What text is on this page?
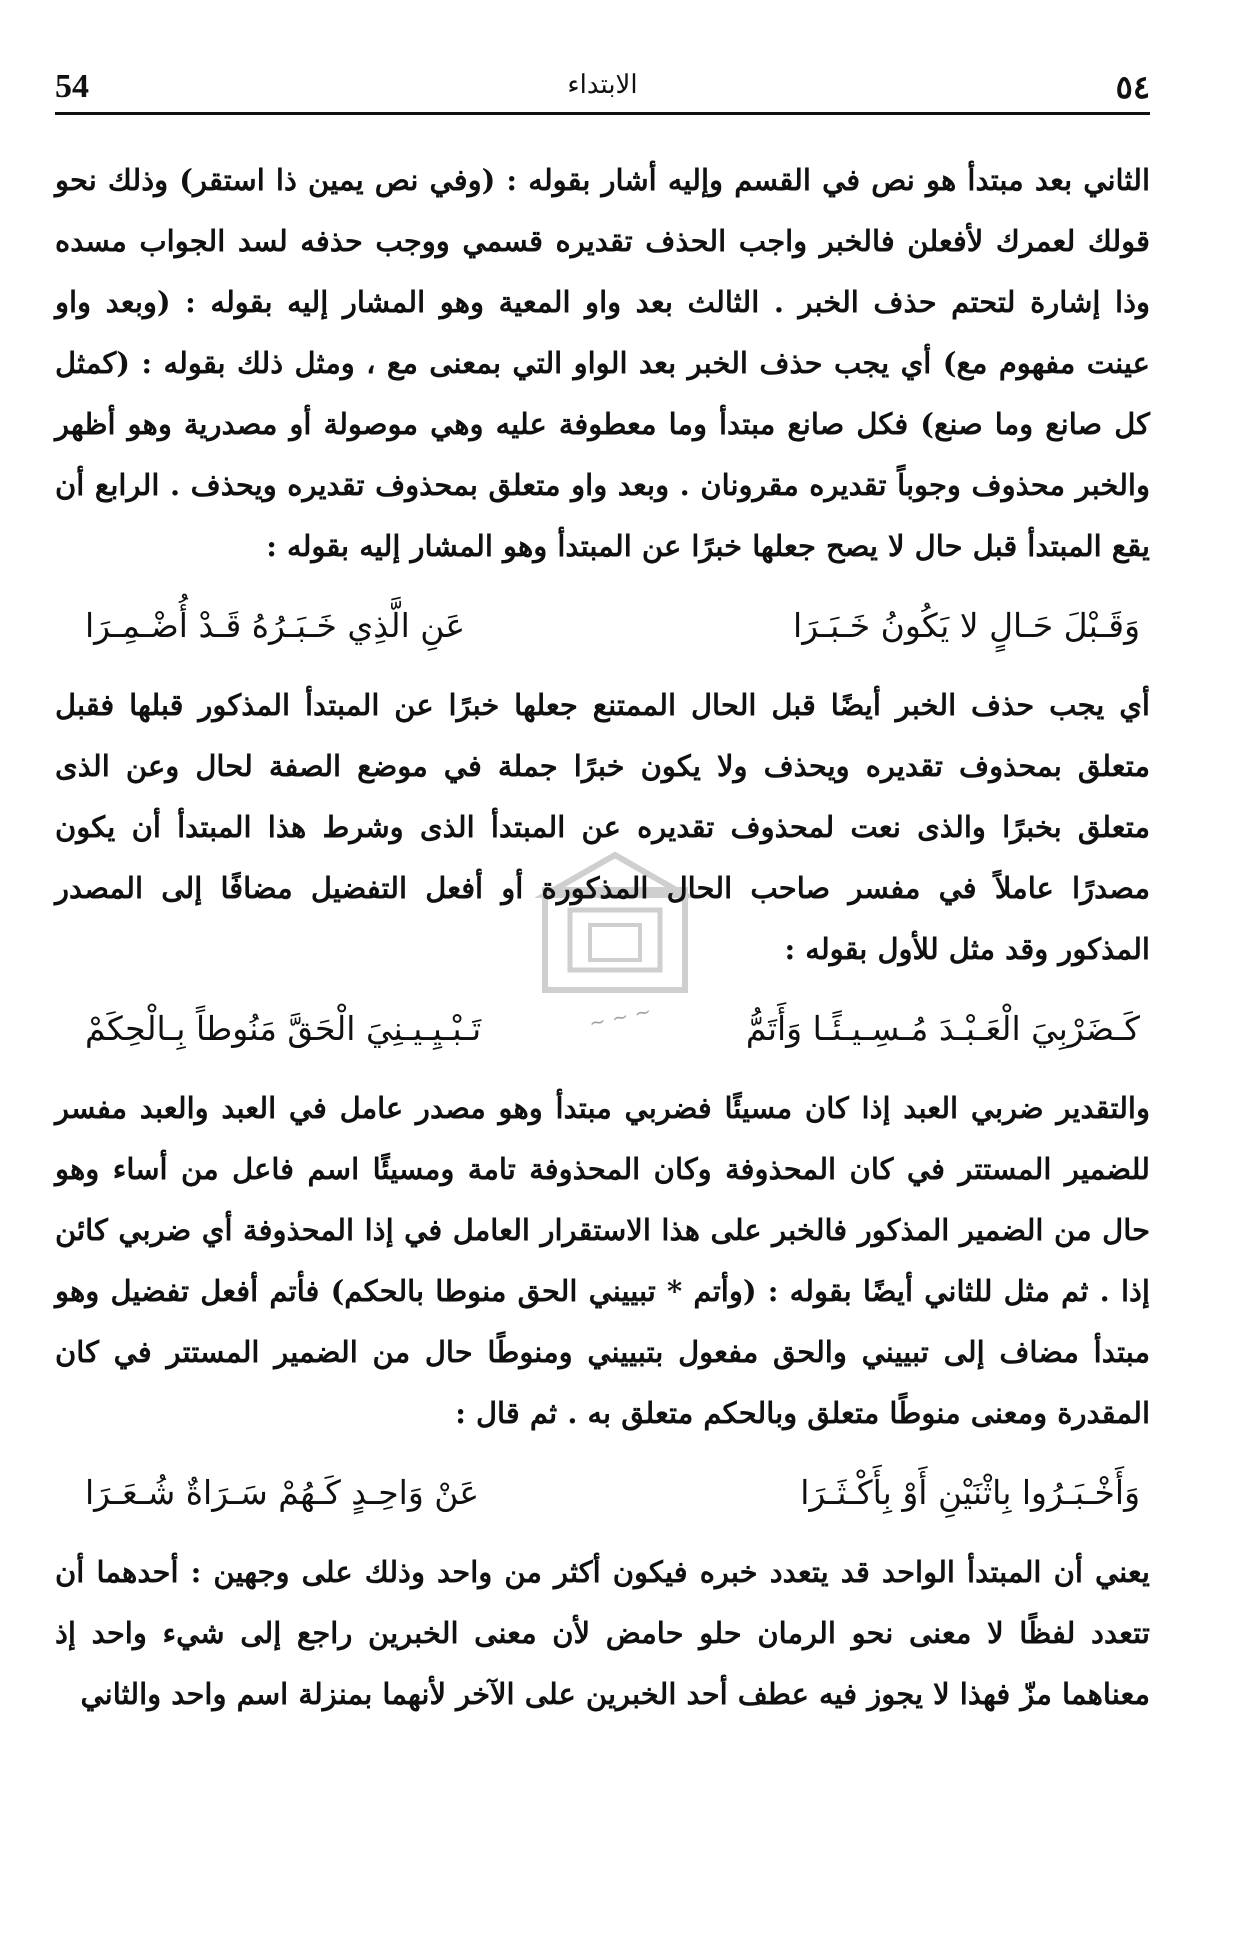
54	الابتداء	٥٤
~ ~ ~

الثاني بعد مبتدأ هو نص في القسم وإليه أشار بقوله : (وفي نص يمين ذا استقر) وذلك نحو قولك لعمرك لأفعلن فالخبر واجب الحذف تقديره قسمي ووجب حذفه لسد الجواب مسده وذا إشارة لتحتم حذف الخبر . الثالث بعد واو المعية وهو المشار إليه بقوله : (وبعد واو عينت مفهوم مع) أي يجب حذف الخبر بعد الواو التي بمعنى مع ، ومثل ذلك بقوله : (كمثل كل صانع وما صنع) فكل صانع مبتدأ وما معطوفة عليه وهي موصولة أو مصدرية وهو أظهر والخبر محذوف وجوباً تقديره مقرونان . وبعد واو متعلق بمحذوف تقديره ويحذف . الرابع أن يقع المبتدأ قبل حال لا يصح جعلها خبرًا عن المبتدأ وهو المشار إليه بقوله :

وَقَـبْلَ حَـالٍ لا يَكُونُ خَـبَـرَا
عَنِ الَّذِي خَـبَـرُهُ قَـدْ أُضْـمِـرَا

أي يجب حذف الخبر أيضًا قبل الحال الممتنع جعلها خبرًا عن المبتدأ المذكور قبلها فقبل متعلق بمحذوف تقديره ويحذف ولا يكون خبرًا جملة في موضع الصفة لحال وعن الذى متعلق بخبرًا والذى نعت لمحذوف تقديره عن المبتدأ الذى وشرط هذا المبتدأ أن يكون مصدرًا عاملاً في مفسر صاحب الحال المذكورة أو أفعل التفضيل مضافًا إلى المصدر المذكور وقد مثل للأول بقوله :

كَـضَرْبِيَ الْعَـبْـدَ مُـسِـيـئًـا وَأَتَمُّ
تَـبْـيِـيـنِيَ الْحَقَّ مَنُوطاً بِـالْحِكَمْ

والتقدير ضربي العبد إذا كان مسيئًا فضربي مبتدأ وهو مصدر عامل في العبد والعبد مفسر للضمير المستتر في كان المحذوفة وكان المحذوفة تامة ومسيئًا اسم فاعل من أساء وهو حال من الضمير المذكور فالخبر على هذا الاستقرار العامل في إذا المحذوفة أي ضربي كائن إذا . ثم مثل للثاني أيضًا بقوله : (وأتم * تبييني الحق منوطا بالحكم) فأتم أفعل تفضيل وهو مبتدأ مضاف إلى تبييني والحق مفعول بتبييني ومنوطًا حال من الضمير المستتر في كان المقدرة ومعنى منوطًا متعلق وبالحكم متعلق به . ثم قال :

وَأَخْـبَـرُوا بِاثْنَيْنِ أَوْ بِأَكْـثَـرَا
عَنْ وَاحِـدٍ كَـهُمْ سَـرَاةٌ شُـعَـرَا

يعني أن المبتدأ الواحد قد يتعدد خبره فيكون أكثر من واحد وذلك على وجهين : أحدهما أن تتعدد لفظًا لا معنى نحو الرمان حلو حامض لأن معنى الخبرين راجع إلى شيء واحد إذ معناهما مزّ فهذا لا يجوز فيه عطف أحد الخبرين على الآخر لأنهما بمنزلة اسم واحد والثاني
